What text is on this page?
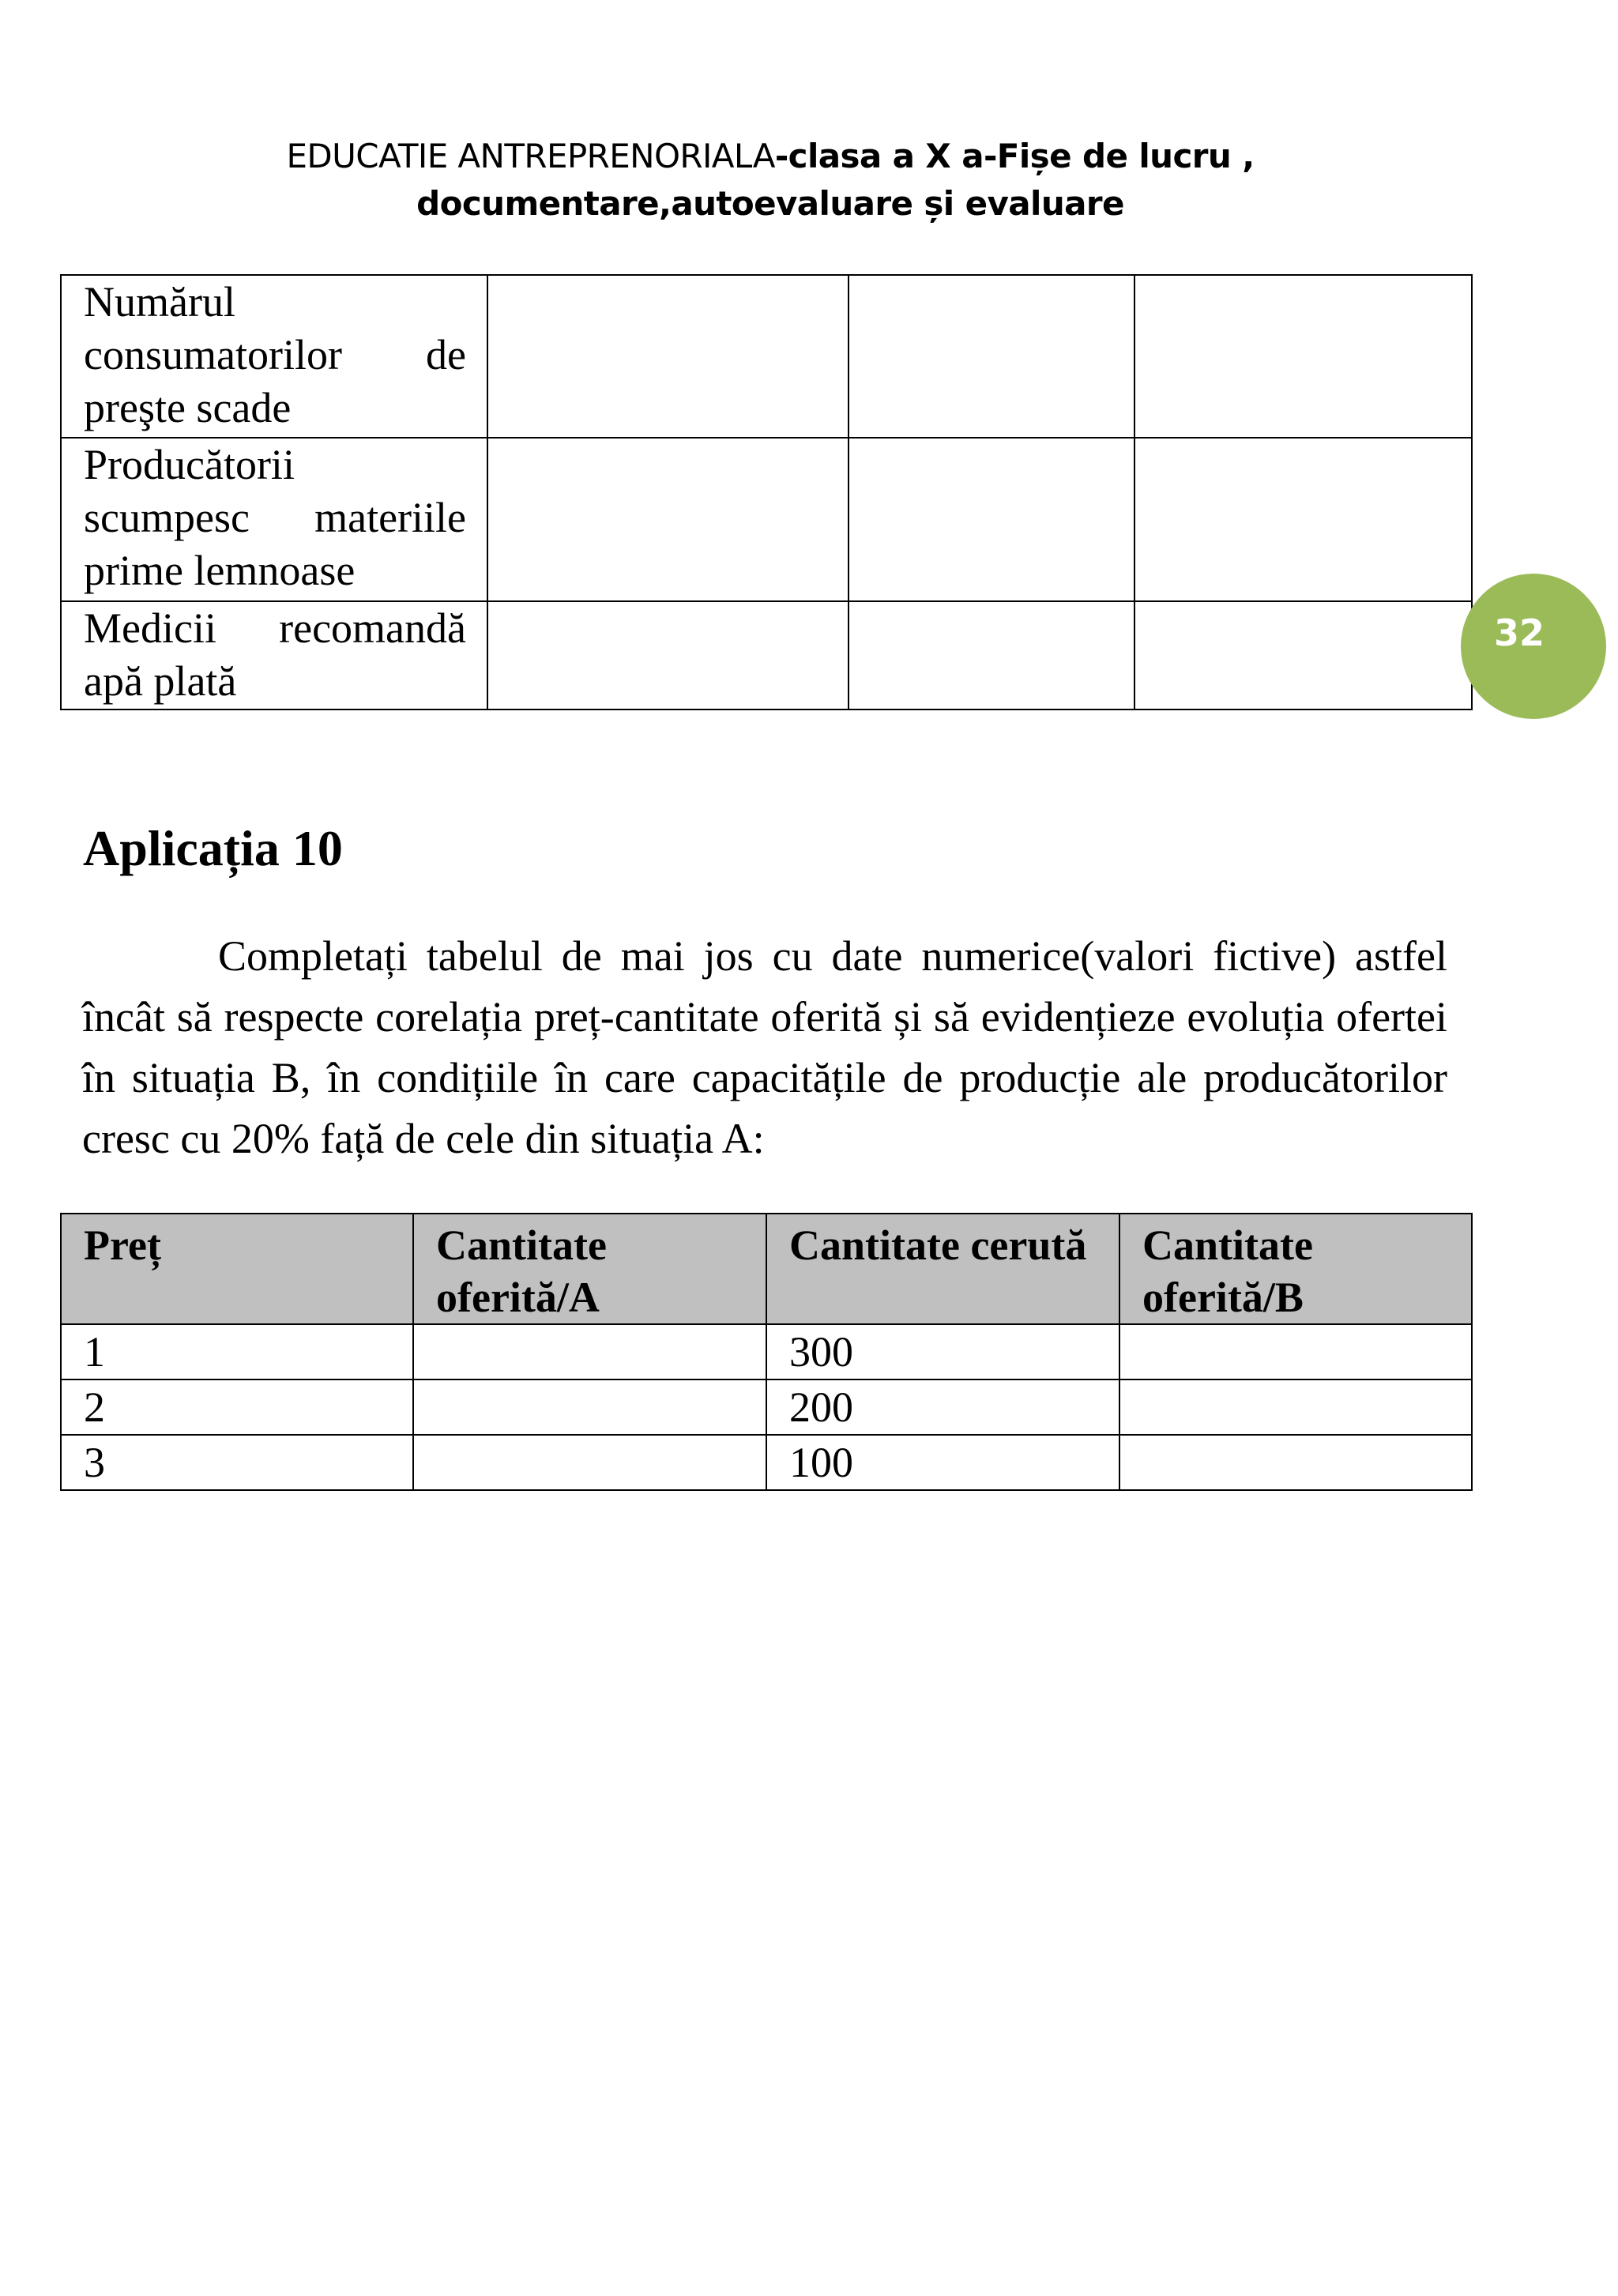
EDUCATIE ANTREPRENORIALA-clasa a X a-Fișe de lucru , documentare,autoevaluare și evaluare
Numărul consumatorilor de preşte scade			
Producătorii scumpesc materiile prime lemnoase			
Medicii recomandă apă plată			
32
Aplicația 10

Completați tabelul de mai jos cu date numerice(valori fictive) astfel încât să respecte corelația preț-cantitate oferită și să evidențieze evoluția ofertei în situația B, în condițiile în care capacitățile de producție ale producătorilor cresc cu 20% față de cele din situația A:

Preț	Cantitate oferită/A	Cantitate cerută	Cantitate oferită/B
1		300	
2		200	
3		100	
